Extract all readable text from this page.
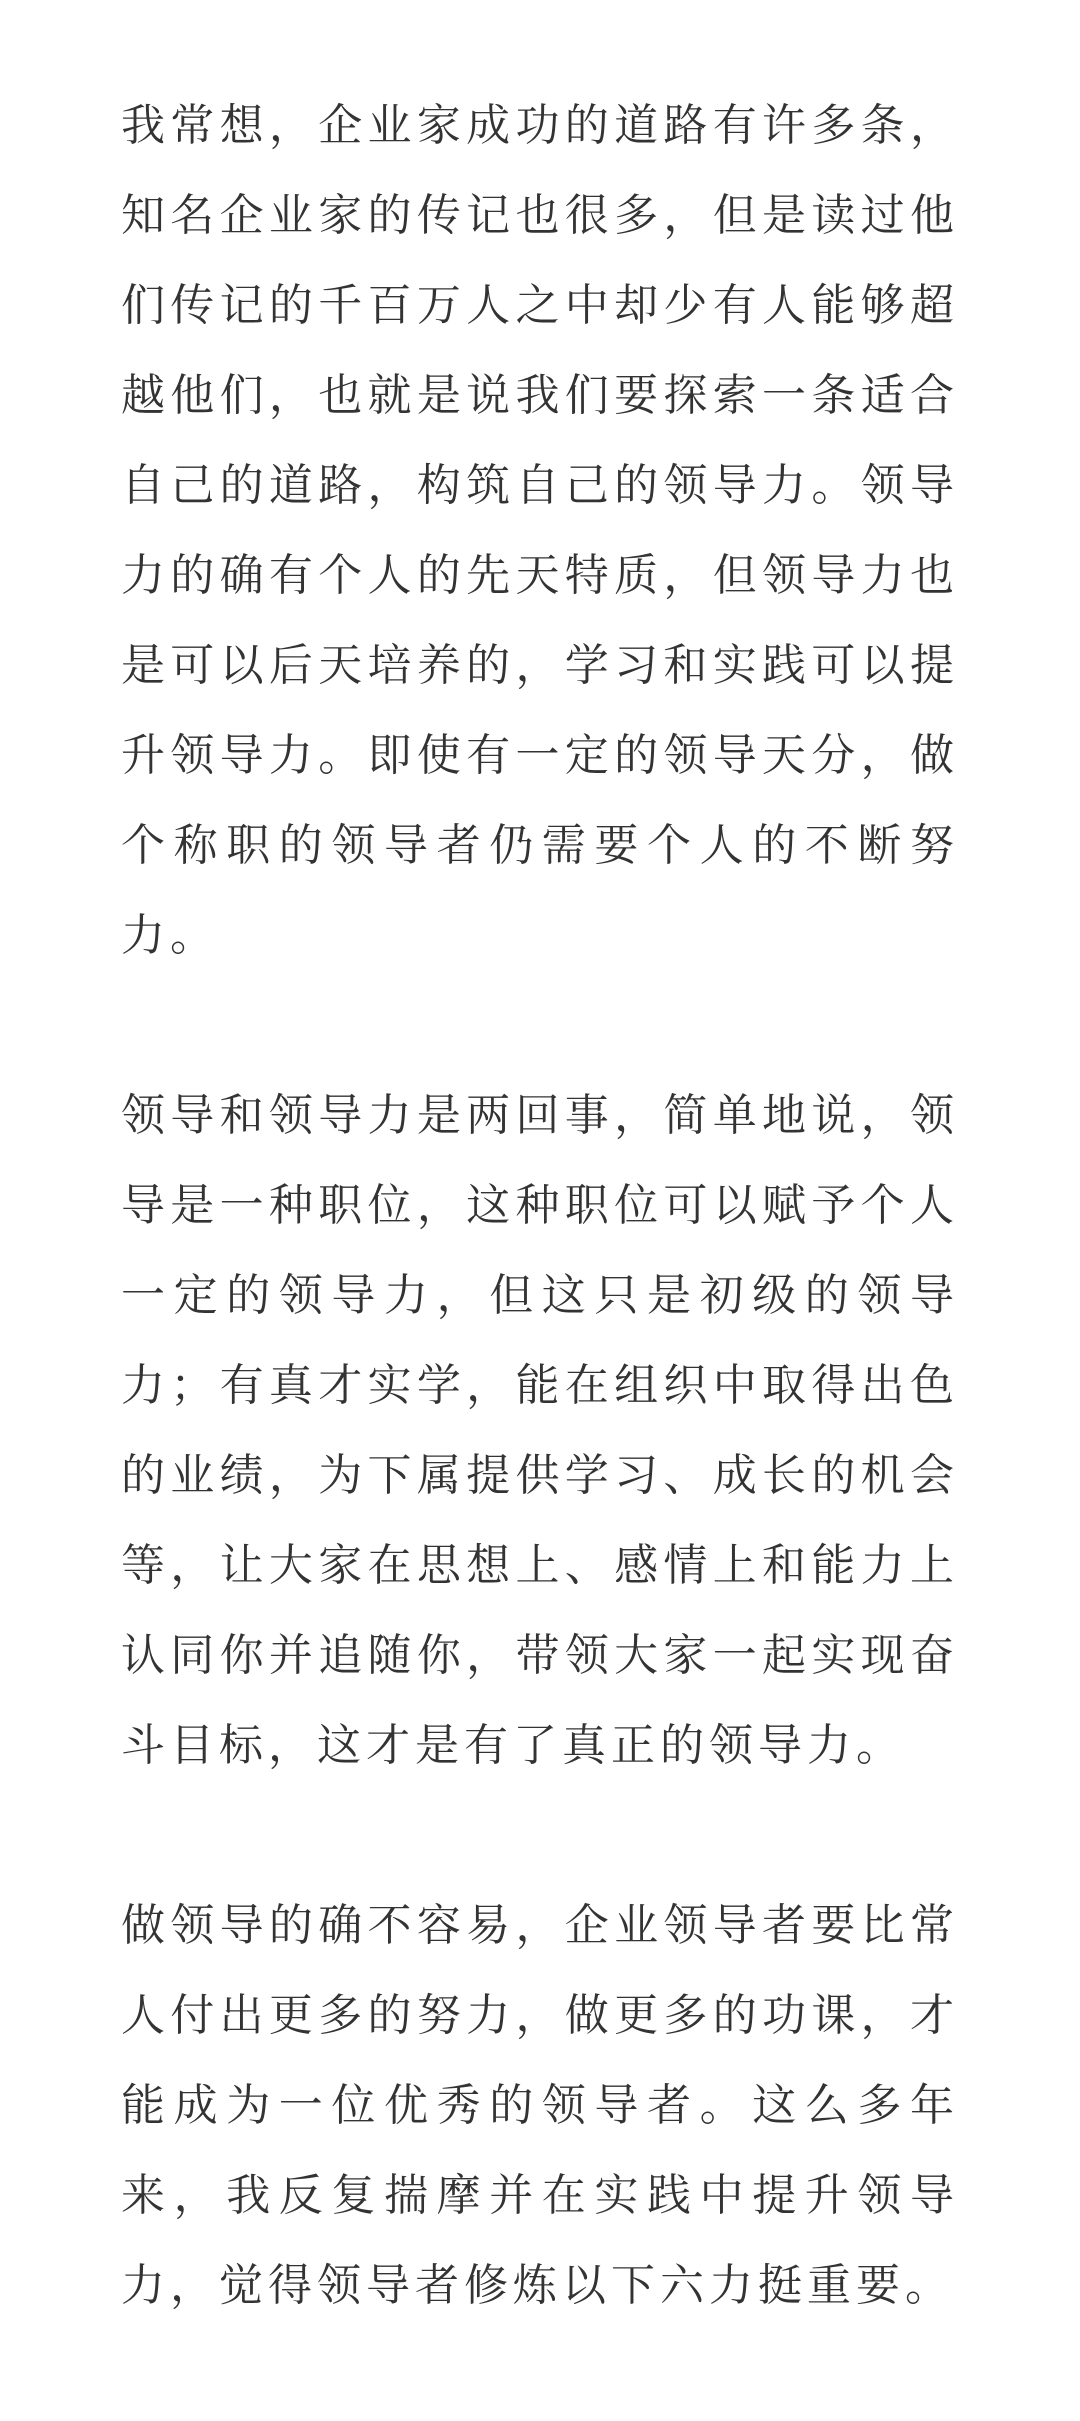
我常想，企业家成功的道路有许多条，
知名企业家的传记也很多，但是读过他
们传记的千百万人之中却少有人能够超
越他们，也就是说我们要探索一条适合
自己的道路，构筑自己的领导力。领导
力的确有个人的先天特质，但领导力也
是可以后天培养的，学习和实践可以提
升领导力。即使有一定的领导天分，做
个称职的领导者仍需要个人的不断努
力。

领导和领导力是两回事，简单地说，领
导是一种职位，这种职位可以赋予个人
一定的领导力，但这只是初级的领导
力；有真才实学，能在组织中取得出色
的业绩，为下属提供学习、成长的机会
等，让大家在思想上、感情上和能力上
认同你并追随你，带领大家一起实现奋
斗目标，这才是有了真正的领导力。

做领导的确不容易，企业领导者要比常
人付出更多的努力，做更多的功课，才
能成为一位优秀的领导者。这么多年
来，我反复揣摩并在实践中提升领导
力，觉得领导者修炼以下六力挺重要。
